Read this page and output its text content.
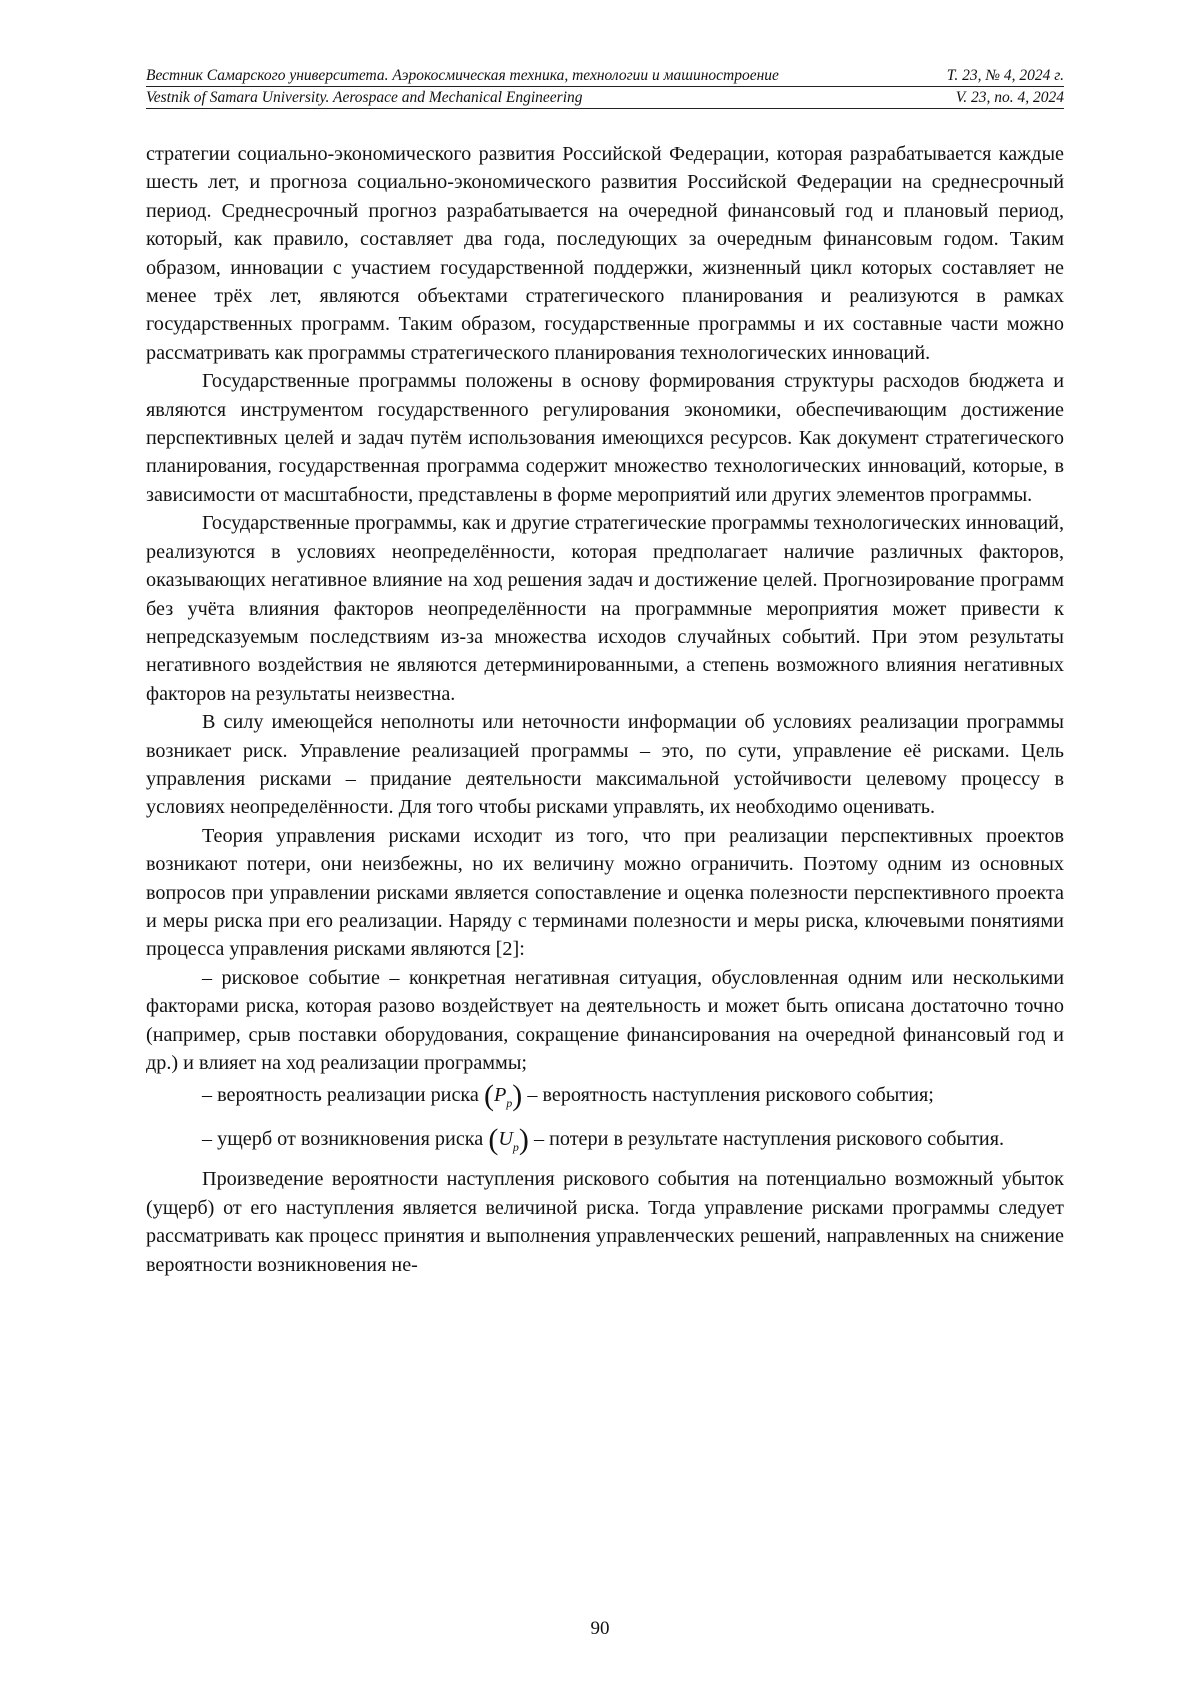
Вестник Самарского университета. Аэрокосмическая техника, технологии и машиностроение	Т. 23, № 4, 2024 г.
Vestnik of Samara University. Aerospace and Mechanical Engineering	V. 23, no. 4, 2024

стратегии социально-экономического развития Российской Федерации, которая разрабатывается каждые шесть лет, и прогноза социально-экономического развития Российской Федерации на среднесрочный период. Среднесрочный прогноз разрабатывается на очередной финансовый год и плановый период, который, как правило, составляет два года, последующих за очередным финансовым годом. Таким образом, инновации с участием государственной поддержки, жизненный цикл которых составляет не менее трёх лет, являются объектами стратегического планирования и реализуются в рамках государственных программ. Таким образом, государственные программы и их составные части можно рассматривать как программы стратегического планирования технологических инноваций.

Государственные программы положены в основу формирования структуры расходов бюджета и являются инструментом государственного регулирования экономики, обеспечивающим достижение перспективных целей и задач путём использования имеющихся ресурсов. Как документ стратегического планирования, государственная программа содержит множество технологических инноваций, которые, в зависимости от масштабности, представлены в форме мероприятий или других элементов программы.

Государственные программы, как и другие стратегические программы технологических инноваций, реализуются в условиях неопределённости, которая предполагает наличие различных факторов, оказывающих негативное влияние на ход решения задач и достижение целей. Прогнозирование программ без учёта влияния факторов неопределённости на программные мероприятия может привести к непредсказуемым последствиям из-за множества исходов случайных событий. При этом результаты негативного воздействия не являются детерминированными, а степень возможного влияния негативных факторов на результаты неизвестна.

В силу имеющейся неполноты или неточности информации об условиях реализации программы возникает риск. Управление реализацией программы – это, по сути, управление её рисками. Цель управления рисками – придание деятельности максимальной устойчивости целевому процессу в условиях неопределённости. Для того чтобы рисками управлять, их необходимо оценивать.

Теория управления рисками исходит из того, что при реализации перспективных проектов возникают потери, они неизбежны, но их величину можно ограничить. Поэтому одним из основных вопросов при управлении рисками является сопоставление и оценка полезности перспективного проекта и меры риска при его реализации. Наряду с терминами полезности и меры риска, ключевыми понятиями процесса управления рисками являются [2]:

– рисковое событие – конкретная негативная ситуация, обусловленная одним или несколькими факторами риска, которая разово воздействует на деятельность и может быть описана достаточно точно (например, срыв поставки оборудования, сокращение финансирования на очередной финансовый год и др.) и влияет на ход реализации программы;

– вероятность реализации риска $(P_p)$ – вероятность наступления рискового события;

– ущерб от возникновения риска $(U_p)$ – потери в результате наступления рискового события.

Произведение вероятности наступления рискового события на потенциально возможный убыток (ущерб) от его наступления является величиной риска. Тогда управление рисками программы следует рассматривать как процесс принятия и выполнения управленческих решений, направленных на снижение вероятности возникновения не-

90
